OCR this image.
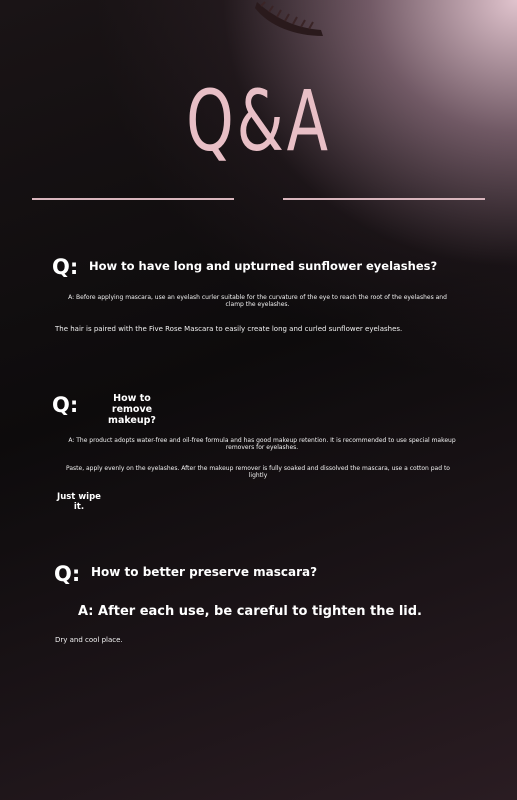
Q&A
Q: How to have long and upturned sunflower eyelashes?
A: Before applying mascara, use an eyelash curler suitable for the curvature of the eye to reach the root of the eyelashes and clamp the eyelashes.
The hair is paired with the Five Rose Mascara to easily create long and curled sunflower eyelashes.
Q:	How to remove makeup?
A: The product adopts water-free and oil-free formula and has good makeup retention. It is recommended to use special makeup removers for eyelashes.
Paste, apply evenly on the eyelashes. After the makeup remover is fully soaked and dissolved the mascara, use a cotton pad to lightly
Just wipe it.
Q: How to better preserve mascara?
A: After each use, be careful to tighten the lid.
Dry and cool place.
